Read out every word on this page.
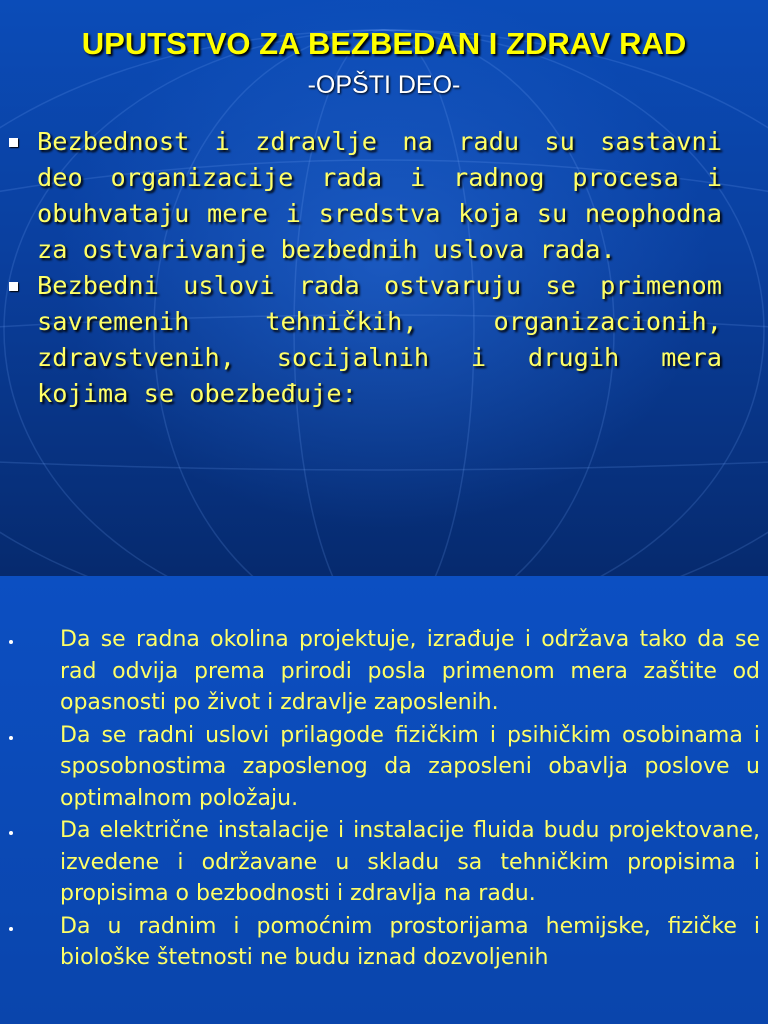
UPUTSTVO ZA BEZBEDAN I ZDRAV RAD
-OPŠTI DEO-
Bezbednost i zdravlje na radu su sastavni deo organizacije rada i radnog procesa i obuhvataju mere i sredstva koja su neophodna za ostvarivanje bezbednih uslova rada.
Bezbedni uslovi rada ostvaruju se primenom savremenih tehničkih, organizacionih, zdravstvenih, socijalnih i drugih mera kojima se obezbeđuje:
Da se radna okolina projektuje, izrađuje i održava tako da se rad odvija prema prirodi posla primenom mera zaštite od opasnosti po život i zdravlje zaposlenih.
Da se radni uslovi prilagode fizičkim i psihičkim osobinama i sposobnostima zaposlenog da zaposleni obavlja poslove u optimalnom položaju.
Da električne instalacije i instalacije fluida budu projektovane, izvedene i održavane u skladu sa tehničkim propisima i propisima o bezbodnosti i zdravlja na radu.
Da u radnim i pomoćnim prostorijama hemijske, fizičke i biološke štetnosti ne budu iznad dozvoljenih
